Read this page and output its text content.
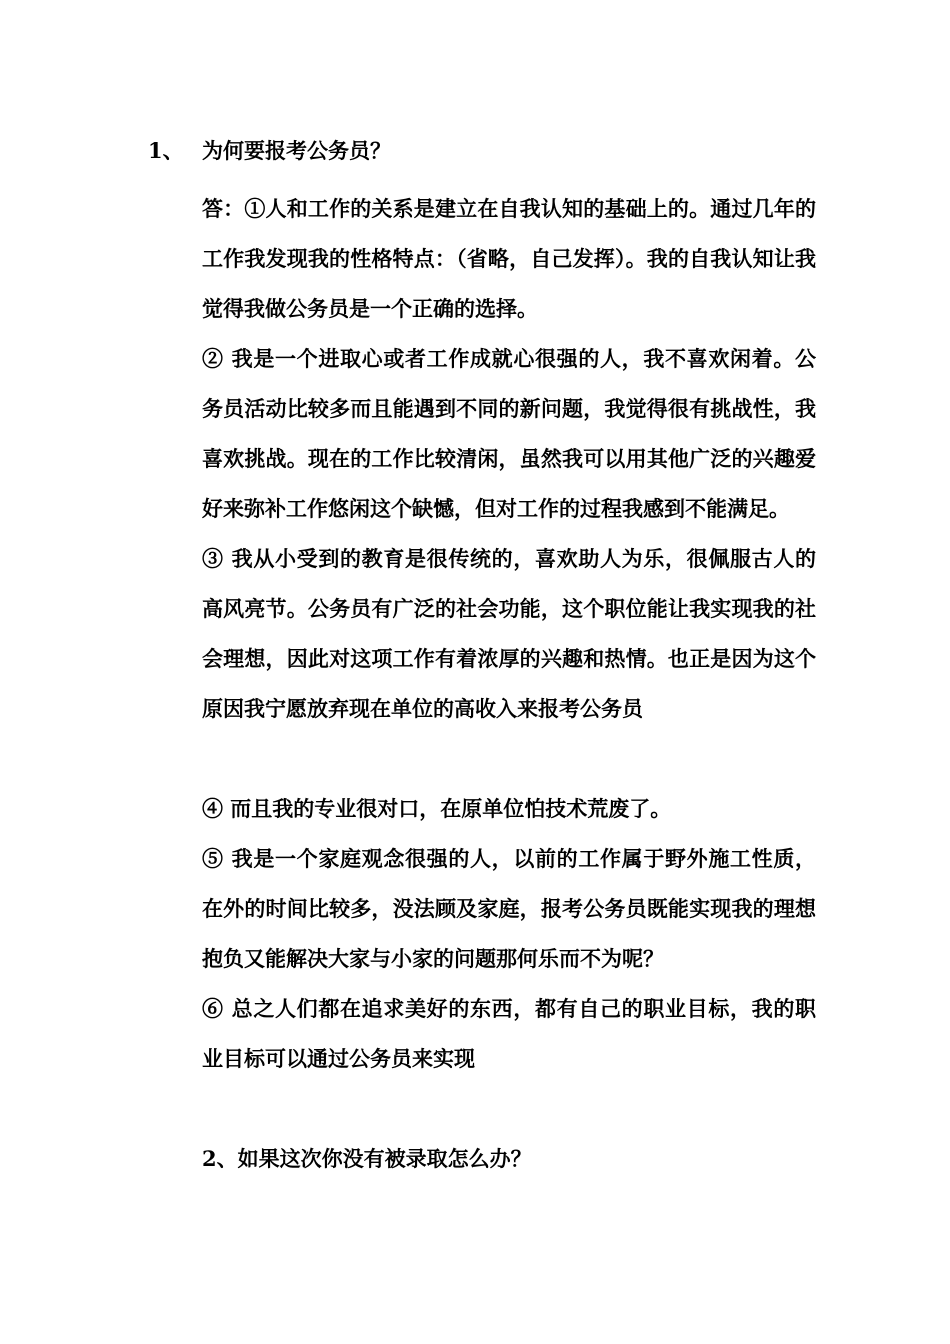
1、 为何要报考公务员？

答：①人和工作的关系是建立在自我认知的基础上的。通过几年的工作我发现我的性格特点：（省略，自己发挥）。我的自我认知让我觉得我做公务员是一个正确的选择。

② 我是一个进取心或者工作成就心很强的人，我不喜欢闲着。公务员活动比较多而且能遇到不同的新问题，我觉得很有挑战性，我喜欢挑战。现在的工作比较清闲，虽然我可以用其他广泛的兴趣爱好来弥补工作悠闲这个缺憾，但对工作的过程我感到不能满足。

③ 我从小受到的教育是很传统的，喜欢助人为乐，很佩服古人的高风亮节。公务员有广泛的社会功能，这个职位能让我实现我的社会理想，因此对这项工作有着浓厚的兴趣和热情。也正是因为这个原因我宁愿放弃现在单位的高收入来报考公务员

④ 而且我的专业很对口，在原单位怕技术荒废了。

⑤ 我是一个家庭观念很强的人，以前的工作属于野外施工性质，在外的时间比较多，没法顾及家庭，报考公务员既能实现我的理想抱负又能解决大家与小家的问题那何乐而不为呢？

⑥ 总之人们都在追求美好的东西，都有自己的职业目标，我的职业目标可以通过公务员来实现

2、如果这次你没有被录取怎么办？
